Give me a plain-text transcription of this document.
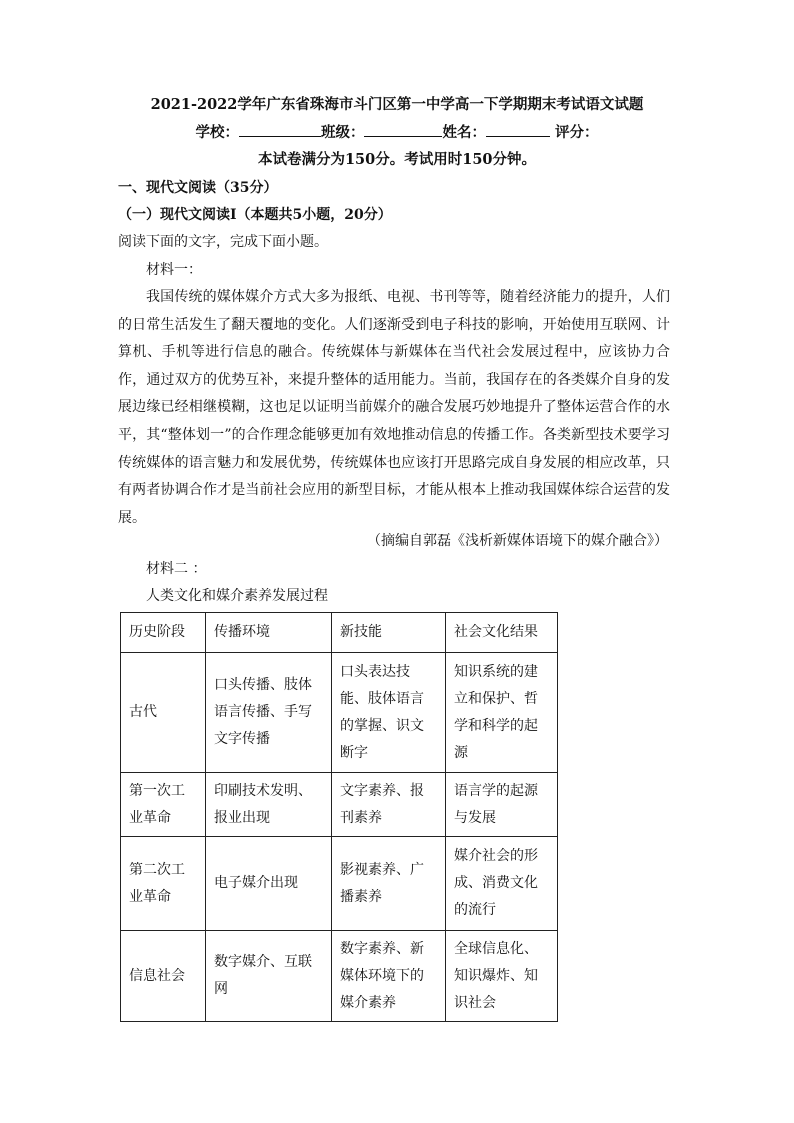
2021-2022学年广东省珠海市斗门区第一中学高一下学期期末考试语文试题
学校：	班级：	姓名：	评分：
本试卷满分为150分。考试用时150分钟。
一、现代文阅读（35分）
（一）现代文阅读Ⅰ（本题共5小题，20分）
阅读下面的文字，完成下面小题。
材料一：

我国传统的媒体媒介方式大多为报纸、电视、书刊等等，随着经济能力的提升，人们的日常生活发生了翻天覆地的变化。人们逐渐受到电子科技的影响，开始使用互联网、计算机、手机等进行信息的融合。传统媒体与新媒体在当代社会发展过程中，应该协力合作，通过双方的优势互补，来提升整体的适用能力。当前，我国存在的各类媒介自身的发展边缘已经相继模糊，这也足以证明当前媒介的融合发展巧妙地提升了整体运营合作的水平，其“整体划一”的合作理念能够更加有效地推动信息的传播工作。各类新型技术要学习传统媒体的语言魅力和发展优势，传统媒体也应该打开思路完成自身发展的相应改革，只有两者协调合作才是当前社会应用的新型目标，才能从根本上推动我国媒体综合运营的发展。

（摘编自郭磊《浅析新媒体语境下的媒介融合》）
材料二 ：
人类文化和媒介素养发展过程
历史阶段	传播环境	新技能	社会文化结果
古代	口头传播、肢体语言传播、手写文字传播	口头表达技能、肢体语言的掌握、识文断字	知识系统的建立和保护、哲学和科学的起源
第一次工业革命	印刷技术发明、报业出现	文字素养、报刊素养	语言学的起源与发展
第二次工业革命	电子媒介出现	影视素养、广播素养	媒介社会的形成、消费文化的流行
信息社会	数字媒介、互联网	数字素养、新媒体环境下的媒介素养	全球信息化、知识爆炸、知识社会
